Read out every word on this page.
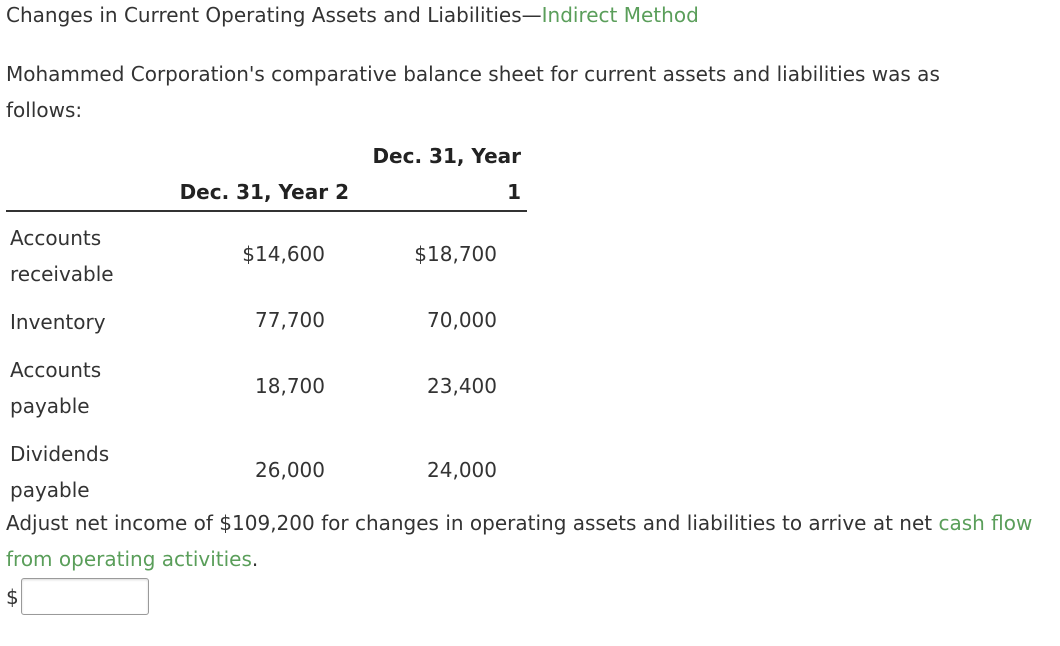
Changes in Current Operating Assets and Liabilities—Indirect Method
Mohammed Corporation's comparative balance sheet for current assets and liabilities was as follows:
	Dec. 31, Year 2	Dec. 31, Year 1
Accounts receivable	$14,600	$18,700
Inventory	77,700	70,000
Accounts payable	18,700	23,400
Dividends payable	26,000	24,000
Adjust net income of $109,200 for changes in operating assets and liabilities to arrive at net cash flow from operating activities.
$
